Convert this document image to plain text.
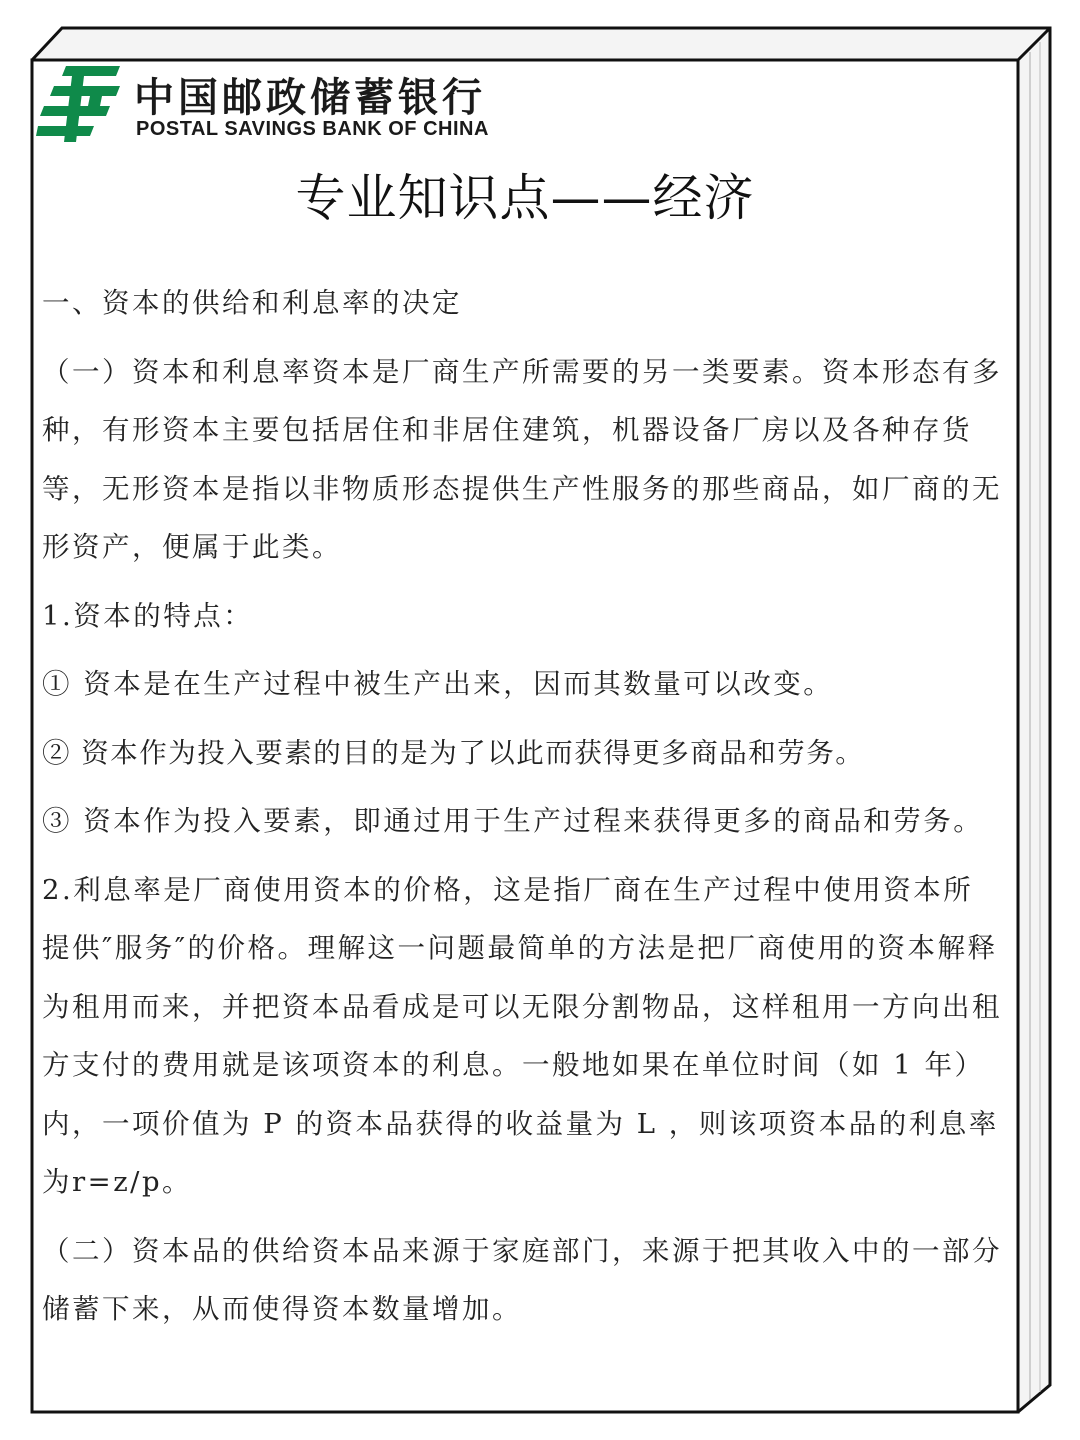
中国邮政储蓄银行
POSTAL SAVINGS BANK OF CHINA
专业知识点——经济

一、资本的供给和利息率的决定

（一）资本和利息率资本是厂商生产所需要的另一类要素。资本形态有多种，有形资本主要包括居住和非居住建筑，机器设备厂房以及各种存货等，无形资本是指以非物质形态提供生产性服务的那些商品，如厂商的无形资产，便属于此类。

1.资本的特点：

① 资本是在生产过程中被生产出来，因而其数量可以改变。

② 资本作为投入要素的目的是为了以此而获得更多商品和劳务。

③ 资本作为投入要素，即通过用于生产过程来获得更多的商品和劳务。

2.利息率是厂商使用资本的价格，这是指厂商在生产过程中使用资本所提供″服务″的价格。理解这一问题最简单的方法是把厂商使用的资本解释为租用而来，并把资本品看成是可以无限分割物品，这样租用一方向出租方支付的费用就是该项资本的利息。一般地如果在单位时间（如 1 年）内，一项价值为 P 的资本品获得的收益量为 L ，则该项资本品的利息率为r=z/p。

（二）资本品的供给资本品来源于家庭部门，来源于把其收入中的一部分储蓄下来，从而使得资本数量增加。
